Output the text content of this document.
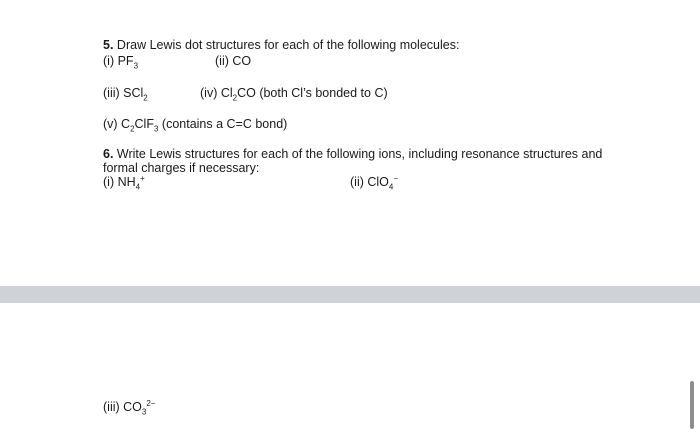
5. Draw Lewis dot structures for each of the following molecules:
(i) $PF_3$	(ii) CO
(iii) SCl$_2$	(iv) $Cl_2CO$ (both Cl’s bonded to C)
(v) $C_2ClF_3$ (contains a C=C bond)
6. Write Lewis structures for each of the following ions, including resonance structures and
formal charges if necessary:
(i) $NH_4^+$	(ii) ClO$_4$−
(iii) $CO_3^{2-}$
